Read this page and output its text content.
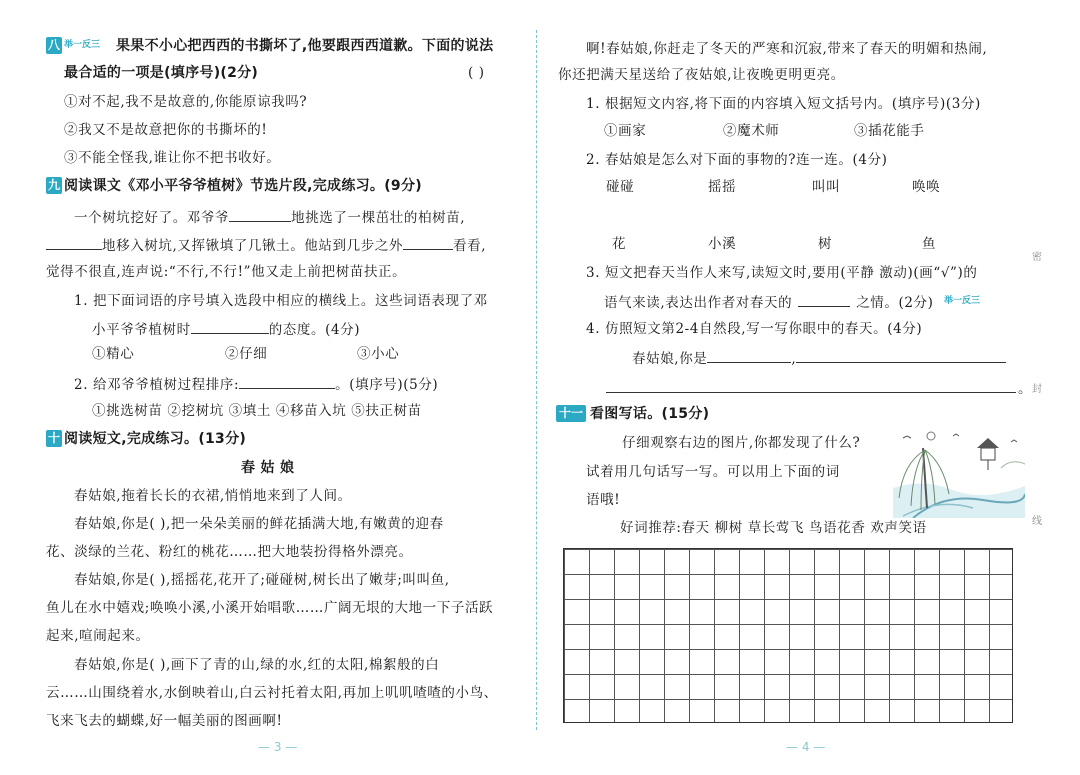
八 举一反三 果果不小心把西西的书撕坏了,他要跟西西道歉。下面的说法
最合适的一项是(填序号)(2分)	( )
①对不起,我不是故意的,你能原谅我吗?
②我又不是故意把你的书撕坏的!
③不能全怪我,谁让你不把书收好。
九 阅读课文《邓小平爷爷植树》节选片段,完成练习。(9分)
一个树坑挖好了。邓爷爷	地挑选了一棵茁壮的柏树苗,
地移入树坑,又挥锹填了几锹土。他站到几步之外	看看,
觉得不很直,连声说:“不行,不行!”他又走上前把树苗扶正。
1. 把下面词语的序号填入选段中相应的横线上。这些词语表现了邓
小平爷爷植树时	的态度。(4分)
①精心	②仔细	③小心
2. 给邓爷爷植树过程排序:	。(填序号)(5分)
①挑选树苗 ②挖树坑 ③填土 ④移苗入坑 ⑤扶正树苗
十 阅读短文,完成练习。(13分)
春 姑 娘
春姑娘,拖着长长的衣裙,悄悄地来到了人间。
春姑娘,你是( ),把一朵朵美丽的鲜花插满大地,有嫩黄的迎春
花、淡绿的兰花、粉红的桃花……把大地装扮得格外漂亮。
春姑娘,你是( ),摇摇花,花开了;碰碰树,树长出了嫩芽;叫叫鱼,
鱼儿在水中嬉戏;唤唤小溪,小溪开始唱歌……广阔无垠的大地一下子活跃
起来,喧闹起来。
春姑娘,你是( ),画下了青的山,绿的水,红的太阳,棉絮般的白
云……山围绕着水,水倒映着山,白云衬托着太阳,再加上叽叽喳喳的小鸟、
飞来飞去的蝴蝶,好一幅美丽的图画啊!
— 3 —
啊!春姑娘,你赶走了冬天的严寒和沉寂,带来了春天的明媚和热闹,
你还把满天星送给了夜姑娘,让夜晚更明更亮。
1. 根据短文内容,将下面的内容填入短文括号内。(填序号)(3分)
①画家	②魔术师	③插花能手
2. 春姑娘是怎么对下面的事物的?连一连。(4分)
碰碰	摇摇	叫叫	唤唤
花	小溪	树	鱼
3. 短文把春天当作人来写,读短文时,要用(平静 激动)(画“√”)的
语气来读,表达出作者对春天的	之情。(2分) 举一反三
4. 仿照短文第2-4自然段,写一写你眼中的春天。(4分)
春姑娘,你是	,
。
十一 看图写话。(15分)
仔细观察右边的图片,你都发现了什么?
试着用几句话写一写。可以用上下面的词
语哦!
好词推荐:春天 柳树 草长莺飞 鸟语花香 欢声笑语
— 4 —
密
封
线
